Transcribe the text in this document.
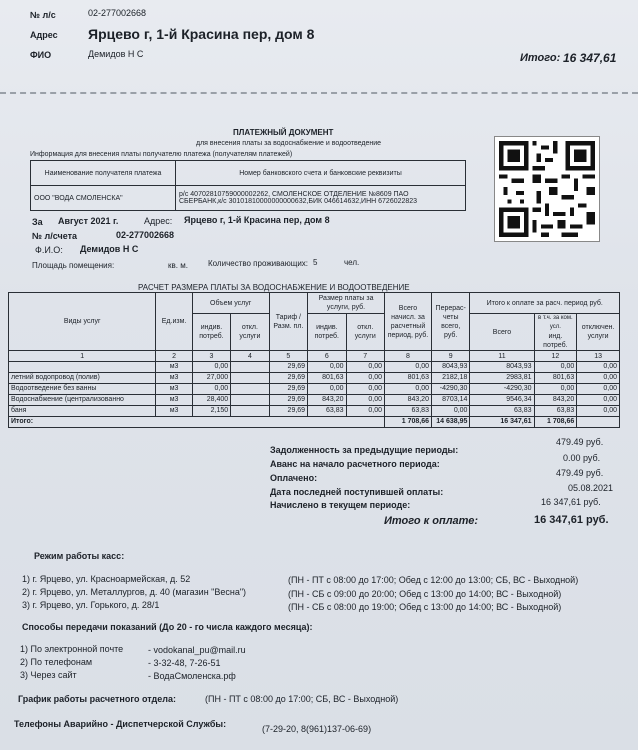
№ л/с	02-277002668
Адрес Ярцево г, 1-й Красина пер, дом 8
ФИО	Демидов Н С	Итого: 16 347,61
ПЛАТЕЖНЫЙ ДОКУМЕНТ
для внесения платы за водоснабжение и водоотведение
Информация для внесения платы получателю платежа (получателям платежей)
Наименование получателя платежа	Номер банковского счета и банковские реквизиты
ООО "ВОДА СМОЛЕНСКА"	р/с 40702810759000002262, СМОЛЕНСКОЕ ОТДЕЛЕНИЕ №8609 ПАО
СБЕРБАНК,к/с 30101810000000000632,БИК 046614632,ИНН 6726022823
За Август 2021 г.	Адрес: Ярцево г, 1-й Красина пер, дом 8
№ л/счета	02-277002668
Ф.И.О: Демидов Н С
Площадь помещения:	кв. м.	Количество проживающих: 5	чел.
РАСЧЕТ РАЗМЕРА ПЛАТЫ ЗА ВОДОСНАБЖЕНИЕ И ВОДООТВЕДЕНИЕ
Виды услуг	Ед.изм.	Объем услуг		Тариф / Разм. пл.	Размер платы за услуги, руб.		Всего начисл. за расчетный период, руб.	Перерас- четы всего, руб.	Итого к оплате за расч. период руб.		
		индив. потреб.	откл. услуги		индив. потреб.	откл. услуги			Всего	в т.ч. за ком. усл.
инд. потреб.	отключен. услуги
1	2	3	4	5	6	7	8	9	11	12	13
	м3	0,00		29,69	0,00	0,00	0,00	8043,93	8043,93	0,00	0,00
летний водопровод (полив)	м3	27,000		29,69	801,63	0,00	801,63	2182,18	2983,81	801,63	0,00
Водоотведение без ванны	м3	0,00		29,69	0,00	0,00	0,00	-4290,30	-4290,30	0,00	0,00
Водоснабжение (централизованно	м3	28,400		29,69	843,20	0,00	843,20	8703,14	9546,34	843,20	0,00
баня	м3	2,150		29,69	63,83	0,00	63,83	0,00	63,83	63,83	0,00
Итого:							1 708,66	14 638,95	16 347,61	1 708,66	
Задолженность за предыдущие периоды:
479.49 руб.
Аванс на начало расчетного периода:
0.00 руб.
Оплачено:	479.49 руб.
Дата последней поступившей оплаты:	05.08.2021
Начислено в текущем периоде:	16 347,61 руб.
Итого к оплате:	16 347,61 руб.
Режим работы касс:
1) г. Ярцево, ул. Красноармейская, д. 52	(ПН - ПТ с 08:00 до 17:00; Обед с 12:00 до 13:00; СБ, ВС - Выходной)
2) г. Ярцево, ул. Металлургов, д. 40 (магазин "Весна")	(ПН - СБ с 09:00 до 20:00; Обед с 13:00 до 14:00; ВС - Выходной)
3) г. Ярцево, ул. Горького, д. 28/1	(ПН - СБ с 08:00 до 19:00; Обед с 13:00 до 14:00; ВС - Выходной)
Способы передачи показаний (До 20 - го числа каждого месяца):
1) По электронной почте	- vodokanal_pu@mail.ru
2) По телефонам	- 3-32-48, 7-26-51
3) Через сайт	- ВодаСмоленска.рф
График работы расчетного отдела:	(ПН - ПТ с 08:00 до 17:00; СБ, ВС - Выходной)
Телефоны Аварийно - Диспетчерской Службы:	(7-29-20, 8(961)137-06-69)
